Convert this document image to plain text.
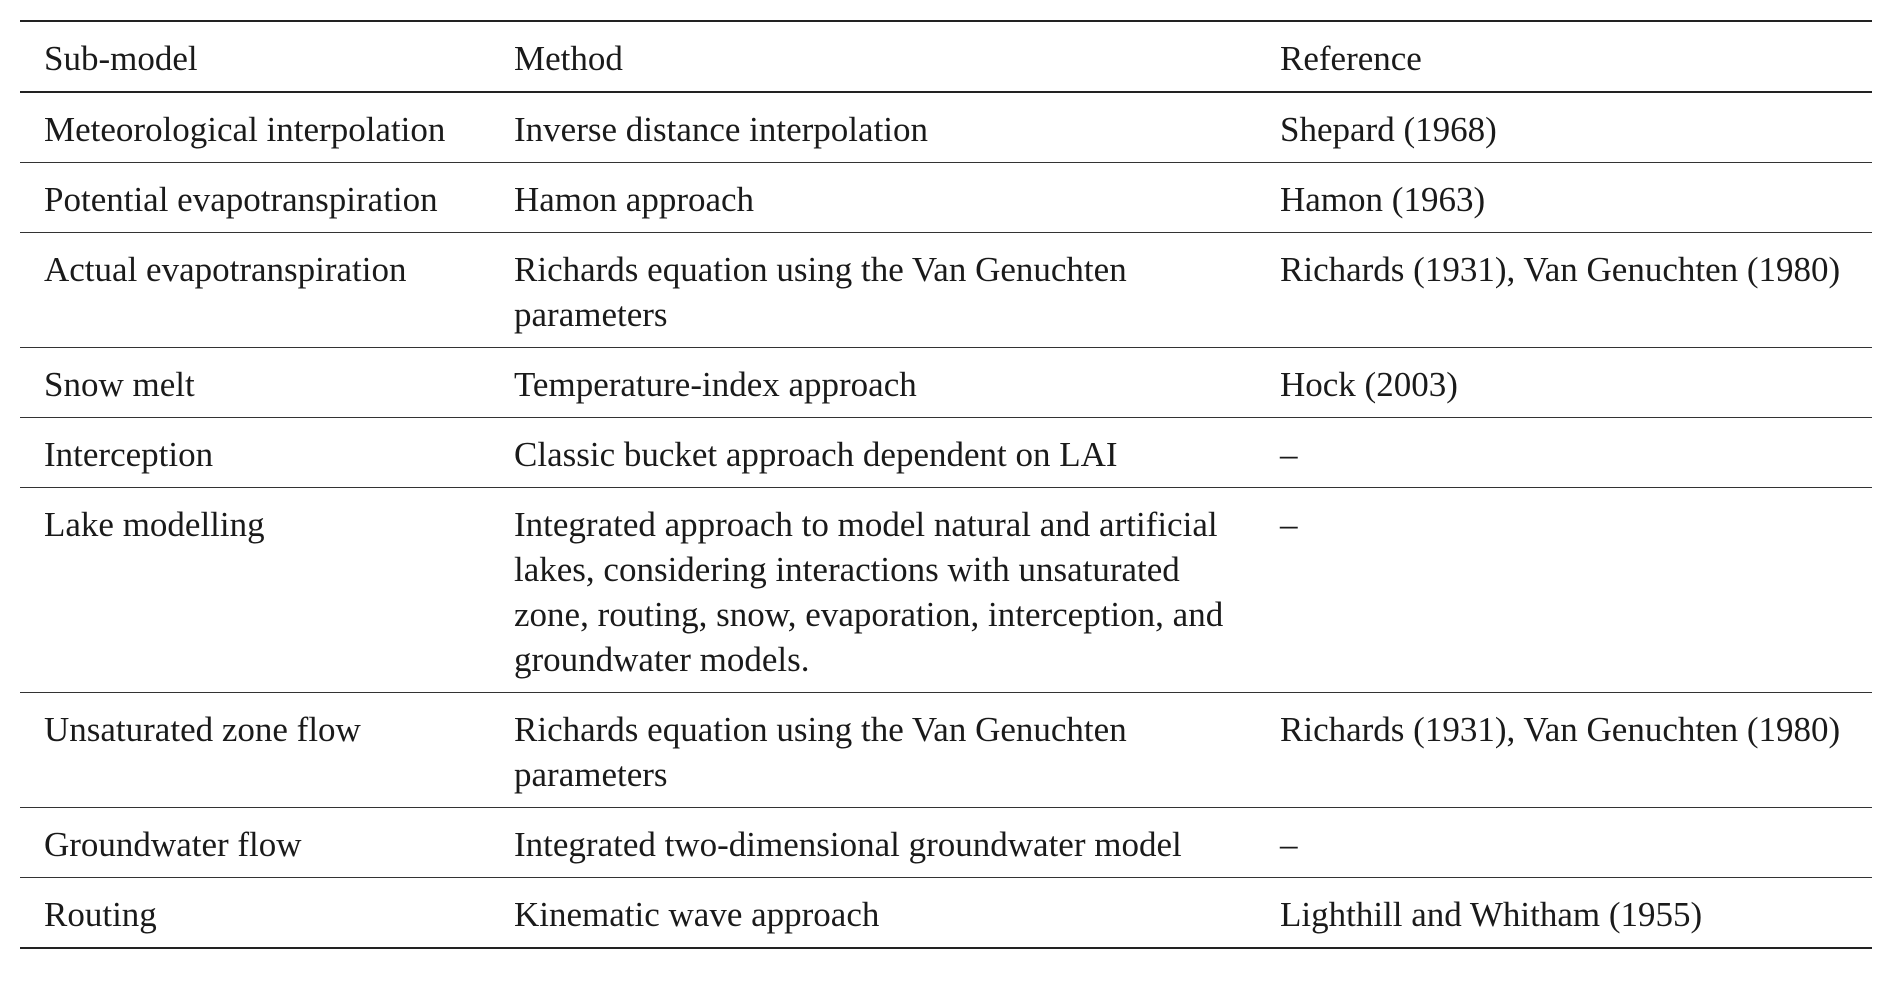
Sub-model	Method	Reference
Meteorological interpolation	Inverse distance interpolation	Shepard (1968)
Potential evapotranspiration	Hamon approach	Hamon (1963)
Actual evapotranspiration	Richards equation using the Van Genuchten parameters	Richards (1931), Van Genuchten (1980)
Snow melt	Temperature-index approach	Hock (2003)
Interception	Classic bucket approach dependent on LAI	–
Lake modelling	Integrated approach to model natural and artificial lakes, considering interactions with unsaturated zone, routing, snow, evaporation, interception, and groundwater models.	–
Unsaturated zone flow	Richards equation using the Van Genuchten parameters	Richards (1931), Van Genuchten (1980)
Groundwater flow	Integrated two-dimensional groundwater model	–
Routing	Kinematic wave approach	Lighthill and Whitham (1955)
